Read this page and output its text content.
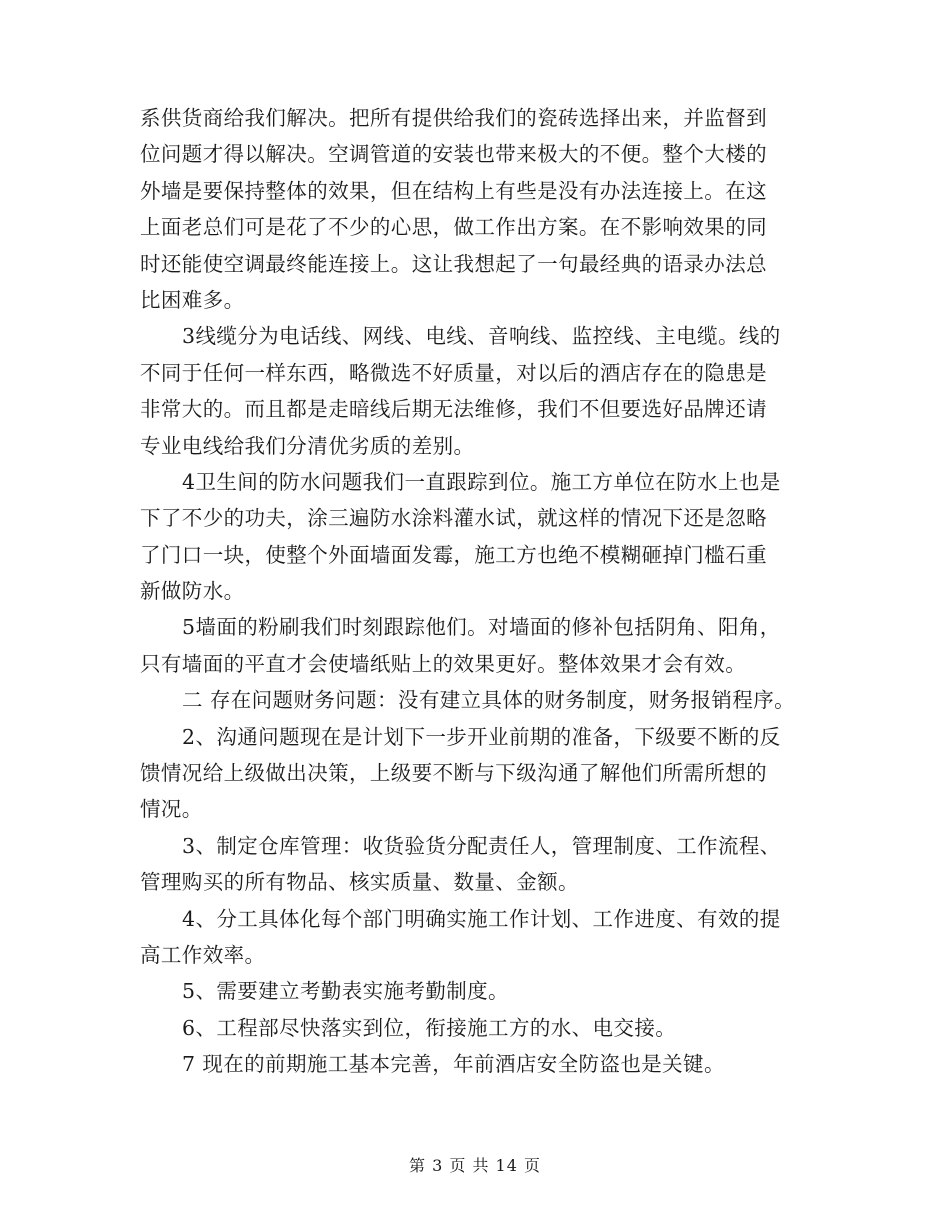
系供货商给我们解决。把所有提供给我们的瓷砖选择出来，并监督到
位问题才得以解决。空调管道的安装也带来极大的不便。整个大楼的
外墙是要保持整体的效果，但在结构上有些是没有办法连接上。在这
上面老总们可是花了不少的心思，做工作出方案。在不影响效果的同
时还能使空调最终能连接上。这让我想起了一句最经典的语录办法总
比困难多。
3线缆分为电话线、网线、电线、音响线、监控线、主电缆。线的
不同于任何一样东西，略微选不好质量，对以后的酒店存在的隐患是
非常大的。而且都是走暗线后期无法维修，我们不但要选好品牌还请
专业电线给我们分清优劣质的差别。
4卫生间的防水问题我们一直跟踪到位。施工方单位在防水上也是
下了不少的功夫，涂三遍防水涂料灌水试，就这样的情况下还是忽略
了门口一块，使整个外面墙面发霉，施工方也绝不模糊砸掉门槛石重
新做防水。
5墙面的粉刷我们时刻跟踪他们。对墙面的修补包括阴角、阳角，
只有墙面的平直才会使墙纸贴上的效果更好。整体效果才会有效。
二 存在问题财务问题：没有建立具体的财务制度，财务报销程序。
2、沟通问题现在是计划下一步开业前期的准备，下级要不断的反
馈情况给上级做出决策，上级要不断与下级沟通了解他们所需所想的
情况。
3、制定仓库管理：收货验货分配责任人，管理制度、工作流程、
管理购买的所有物品、核实质量、数量、金额。
4、分工具体化每个部门明确实施工作计划、工作进度、有效的提
高工作效率。
5、需要建立考勤表实施考勤制度。
6、工程部尽快落实到位，衔接施工方的水、电交接。
7 现在的前期施工基本完善，年前酒店安全防盗也是关键。
第 3 页 共 14 页
